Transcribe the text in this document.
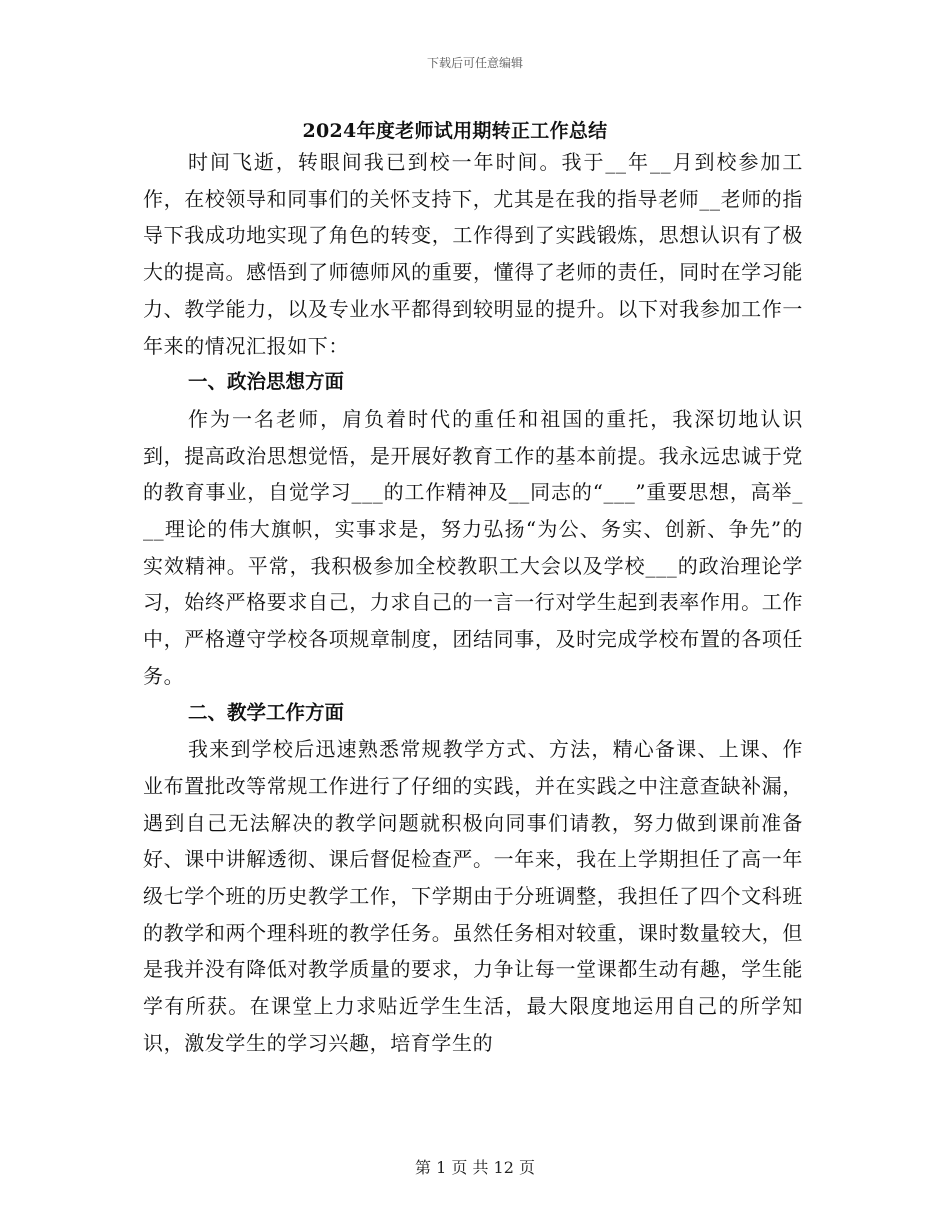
下载后可任意编辑
2024年度老师试用期转正工作总结

时间飞逝，转眼间我已到校一年时间。我于__年__月到校参加工作，在校领导和同事们的关怀支持下，尤其是在我的指导老师__老师的指导下我成功地实现了角色的转变，工作得到了实践锻炼，思想认识有了极大的提高。感悟到了师德师风的重要，懂得了老师的责任，同时在学习能力、教学能力，以及专业水平都得到较明显的提升。以下对我参加工作一年来的情况汇报如下：

一、政治思想方面

作为一名老师，肩负着时代的重任和祖国的重托，我深切地认识到，提高政治思想觉悟，是开展好教育工作的基本前提。我永远忠诚于党的教育事业，自觉学习___的工作精神及__同志的“___”重要思想，高举___理论的伟大旗帜，实事求是，努力弘扬“为公、务实、创新、争先”的实效精神。平常，我积极参加全校教职工大会以及学校___的政治理论学习，始终严格要求自己，力求自己的一言一行对学生起到表率作用。工作中，严格遵守学校各项规章制度，团结同事，及时完成学校布置的各项任务。

二、教学工作方面

我来到学校后迅速熟悉常规教学方式、方法，精心备课、上课、作业布置批改等常规工作进行了仔细的实践，并在实践之中注意查缺补漏，遇到自己无法解决的教学问题就积极向同事们请教，努力做到课前准备好、课中讲解透彻、课后督促检查严。一年来，我在上学期担任了高一年级七学个班的历史教学工作，下学期由于分班调整，我担任了四个文科班的教学和两个理科班的教学任务。虽然任务相对较重，课时数量较大，但是我并没有降低对教学质量的要求，力争让每一堂课都生动有趣，学生能学有所获。在课堂上力求贴近学生生活，最大限度地运用自己的所学知识，激发学生的学习兴趣，培育学生的

第 1 页 共 12 页
